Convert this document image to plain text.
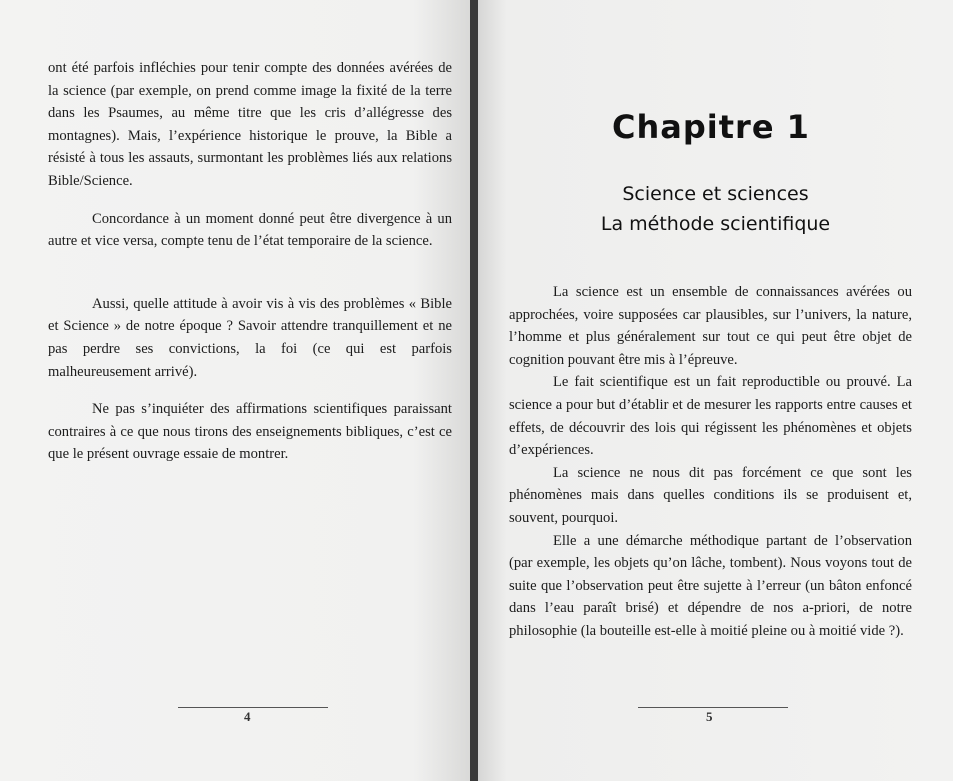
ont été parfois infléchies pour tenir compte des données avérées de la science (par exemple, on prend comme image la fixité de la terre dans les Psaumes, au même titre que les cris d’allégresse des montagnes). Mais, l’expérience historique le prouve, la Bible a résisté à tous les assauts, surmontant les problèmes liés aux relations Bible/Science.

Concordance à un moment donné peut être divergence à un autre et vice versa, compte tenu de l’état temporaire de la science.

Aussi, quelle attitude à avoir vis à vis des problèmes « Bible et Science » de notre époque ? Savoir attendre tranquillement et ne pas perdre ses convictions, la foi (ce qui est parfois malheureusement arrivé).

Ne pas s’inquiéter des affirmations scientifiques paraissant contraires à ce que nous tirons des enseignements bibliques, c’est ce que le présent ouvrage essaie de montrer.

4
Chapitre 1
Science et sciences
La méthode scientifique

La science est un ensemble de connaissances avérées ou approchées, voire supposées car plausibles, sur l’univers, la nature, l’homme et plus généralement sur tout ce qui peut être objet de cognition pouvant être mis à l’épreuve.

Le fait scientifique est un fait reproductible ou prouvé. La science a pour but d’établir et de mesurer les rapports entre causes et effets, de découvrir des lois qui régissent les phénomènes et objets d’expériences.

La science ne nous dit pas forcément ce que sont les phénomènes mais dans quelles conditions ils se produisent et, souvent, pourquoi.

Elle a une démarche méthodique partant de l’observation (par exemple, les objets qu’on lâche, tombent). Nous voyons tout de suite que l’observation peut être sujette à l’erreur (un bâton enfoncé dans l’eau paraît brisé) et dépendre de nos a-priori, de notre philosophie (la bouteille est-elle à moitié pleine ou à moitié vide ?).

5
